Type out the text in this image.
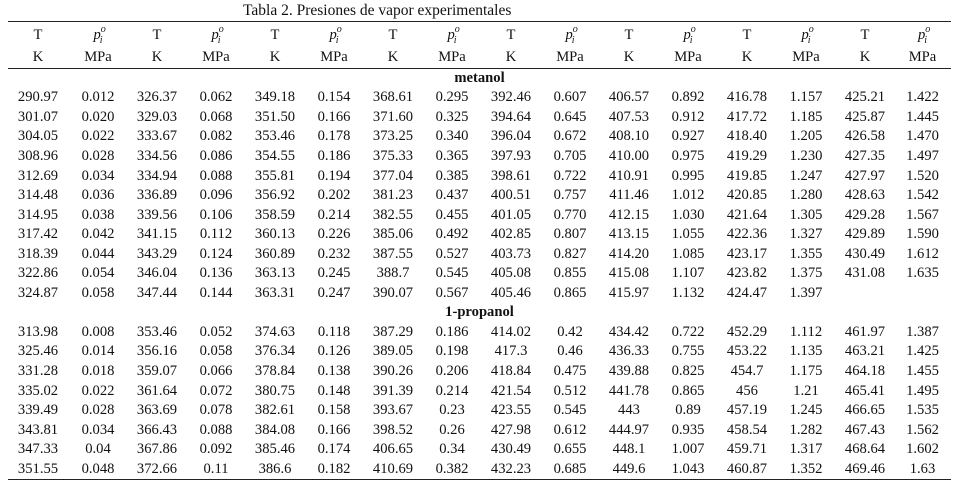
Tabla 2. Presiones de vapor experimentales
T	$p^o_i$	T	$p^o_i$	T	$p^o_i$	T	$p^o_i$	T	$p^o_i$	T	$p^o_i$	T	$p^o_i$	T	$p^o_i$
K	MPa	K	MPa	K	MPa	K	MPa	K	MPa	K	MPa	K	MPa	K	MPa
metanol															
290.97	0.012	326.37	0.062	349.18	0.154	368.61	0.295	392.46	0.607	406.57	0.892	416.78	1.157	425.21	1.422
301.07	0.020	329.03	0.068	351.50	0.166	371.60	0.325	394.64	0.645	407.53	0.912	417.72	1.185	425.87	1.445
304.05	0.022	333.67	0.082	353.46	0.178	373.25	0.340	396.04	0.672	408.10	0.927	418.40	1.205	426.58	1.470
308.96	0.028	334.56	0.086	354.55	0.186	375.33	0.365	397.93	0.705	410.00	0.975	419.29	1.230	427.35	1.497
312.69	0.034	334.94	0.088	355.81	0.194	377.04	0.385	398.61	0.722	410.91	0.995	419.85	1.247	427.97	1.520
314.48	0.036	336.89	0.096	356.92	0.202	381.23	0.437	400.51	0.757	411.46	1.012	420.85	1.280	428.63	1.542
314.95	0.038	339.56	0.106	358.59	0.214	382.55	0.455	401.05	0.770	412.15	1.030	421.64	1.305	429.28	1.567
317.42	0.042	341.15	0.112	360.13	0.226	385.06	0.492	402.85	0.807	413.15	1.055	422.36	1.327	429.89	1.590
318.39	0.044	343.29	0.124	360.89	0.232	387.55	0.527	403.73	0.827	414.20	1.085	423.17	1.355	430.49	1.612
322.86	0.054	346.04	0.136	363.13	0.245	388.7	0.545	405.08	0.855	415.08	1.107	423.82	1.375	431.08	1.635
324.87	0.058	347.44	0.144	363.31	0.247	390.07	0.567	405.46	0.865	415.97	1.132	424.47	1.397		
1-propanol															
313.98	0.008	353.46	0.052	374.63	0.118	387.29	0.186	414.02	0.42	434.42	0.722	452.29	1.112	461.97	1.387
325.46	0.014	356.16	0.058	376.34	0.126	389.05	0.198	417.3	0.46	436.33	0.755	453.22	1.135	463.21	1.425
331.28	0.018	359.07	0.066	378.84	0.138	390.26	0.206	418.84	0.475	439.88	0.825	454.7	1.175	464.18	1.455
335.02	0.022	361.64	0.072	380.75	0.148	391.39	0.214	421.54	0.512	441.78	0.865	456	1.21	465.41	1.495
339.49	0.028	363.69	0.078	382.61	0.158	393.67	0.23	423.55	0.545	443	0.89	457.19	1.245	466.65	1.535
343.81	0.034	366.43	0.088	384.08	0.166	398.52	0.26	427.98	0.612	444.97	0.935	458.54	1.282	467.43	1.562
347.33	0.04	367.86	0.092	385.46	0.174	406.65	0.34	430.49	0.655	448.1	1.007	459.71	1.317	468.64	1.602
351.55	0.048	372.66	0.11	386.6	0.182	410.69	0.382	432.23	0.685	449.6	1.043	460.87	1.352	469.46	1.63
